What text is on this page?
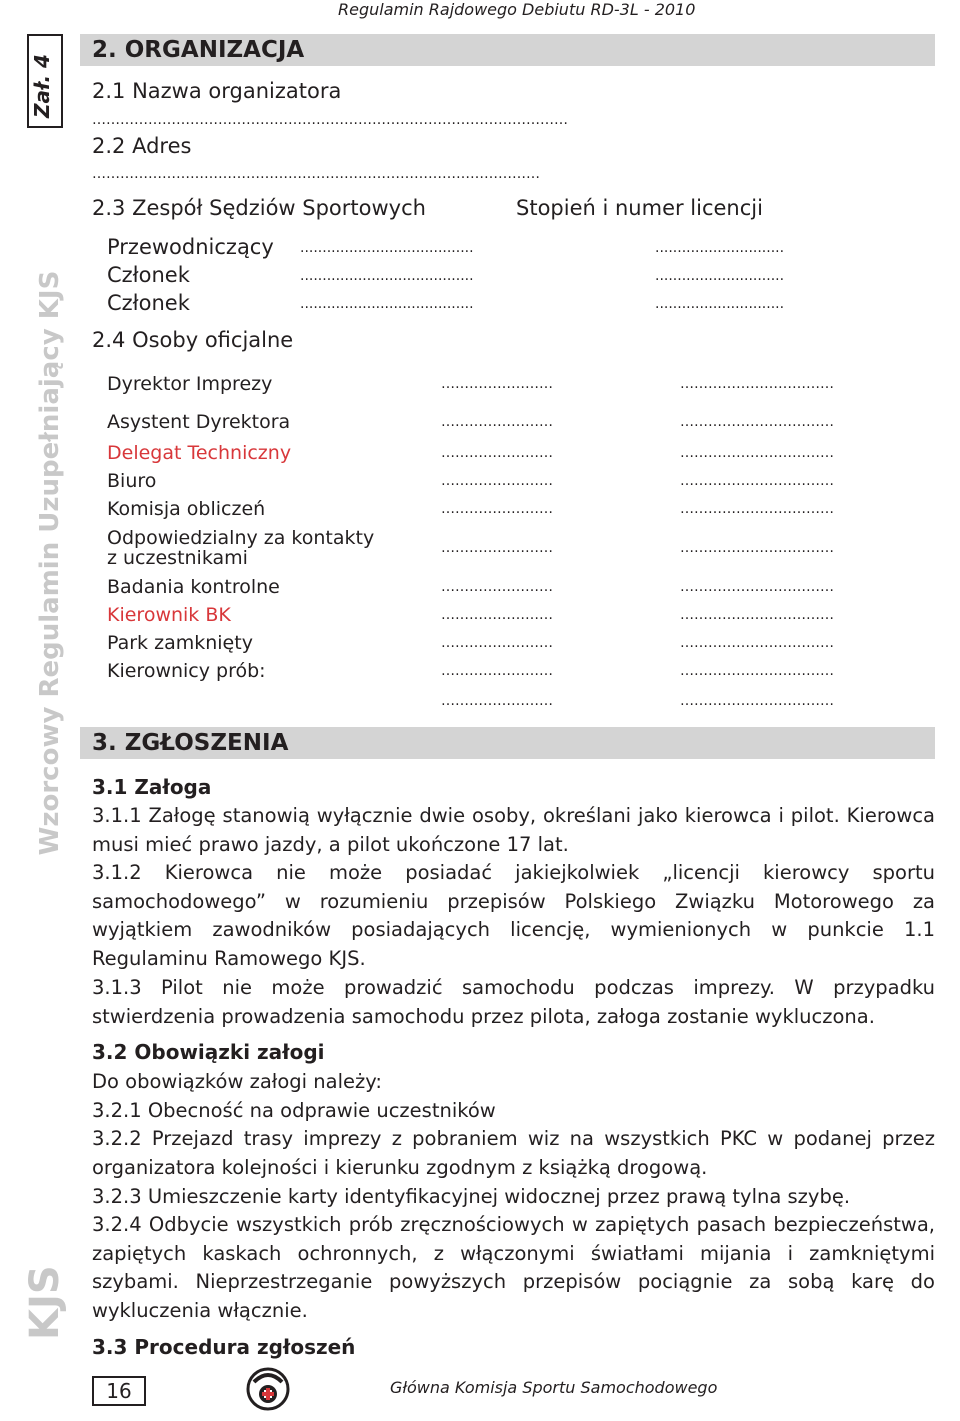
Regulamin Rajdowego Debiutu RD-3L - 2010
KJSWzorcowy Regulamin Uzupełniający KJS
Zał. 4
2. ORGANIZACJA
2.1 Nazwa organizatora
…………………………………………………………………………………………
2.2 Adres
……………………………………………………………………………………
2.3 Zespół Sędziów Sportowych	Stopień i numer licencji
Przewodniczący .......................................	.............................
Członek	.......................................	.............................
Członek	.......................................	.............................
2.4 Osoby oficjalne
Dyrektor Imprezy	……………………	……………………………
Asystent Dyrektora	……………………	……………………………
Delegat Techniczny	……………………	……………………………
Biuro	……………………	……………………………
Komisja obliczeń	……………………	……………………………
Odpowiedzialny za kontakty
z uczestnikami	……………………	……………………………
Badania kontrolne	……………………	……………………………
Kierownik BK	……………………	……………………………
Park zamknięty	……………………	……………………………
Kierownicy prób:	……………………	……………………………
……………………	……………………………
3. ZGŁOSZENIA
3.1 Załoga
3.1.1 Załogę stanowią wyłącznie dwie osoby, określani jako kierowca i pilot. Kierowca musi mieć prawo jazdy, a pilot ukończone 17 lat.
3.1.2 Kierowca nie może posiadać jakiejkolwiek „licencji kierowcy sportu samochodowego” w rozumieniu przepisów Polskiego Związku Motorowego za wyjątkiem zawodników posiadających licencję, wymienionych w punkcie 1.1 Regulaminu Ramowego KJS.
3.1.3 Pilot nie może prowadzić samochodu podczas imprezy. W przypadku stwierdzenia prowadzenia samochodu przez pilota, załoga zostanie wykluczona.
3.2 Obowiązki załogi
Do obowiązków załogi należy:
3.2.1 Obecność na odprawie uczestników
3.2.2 Przejazd trasy imprezy z pobraniem wiz na wszystkich PKC w podanej przez organizatora kolejności i kierunku zgodnym z książką drogową.
3.2.3 Umieszczenie karty identyfikacyjnej widocznej przez prawą tylna szybę.
3.2.4 Odbycie wszystkich prób zręcznościowych w zapiętych pasach bezpieczeństwa, zapiętych kaskach ochronnych, z włączonymi światłami mijania i zamkniętymi szybami. Nieprzestrzeganie powyższych przepisów pociągnie za sobą karę do wykluczenia włącznie.
3.3 Procedura zgłoszeń
16	Główna Komisja Sportu Samochodowego
